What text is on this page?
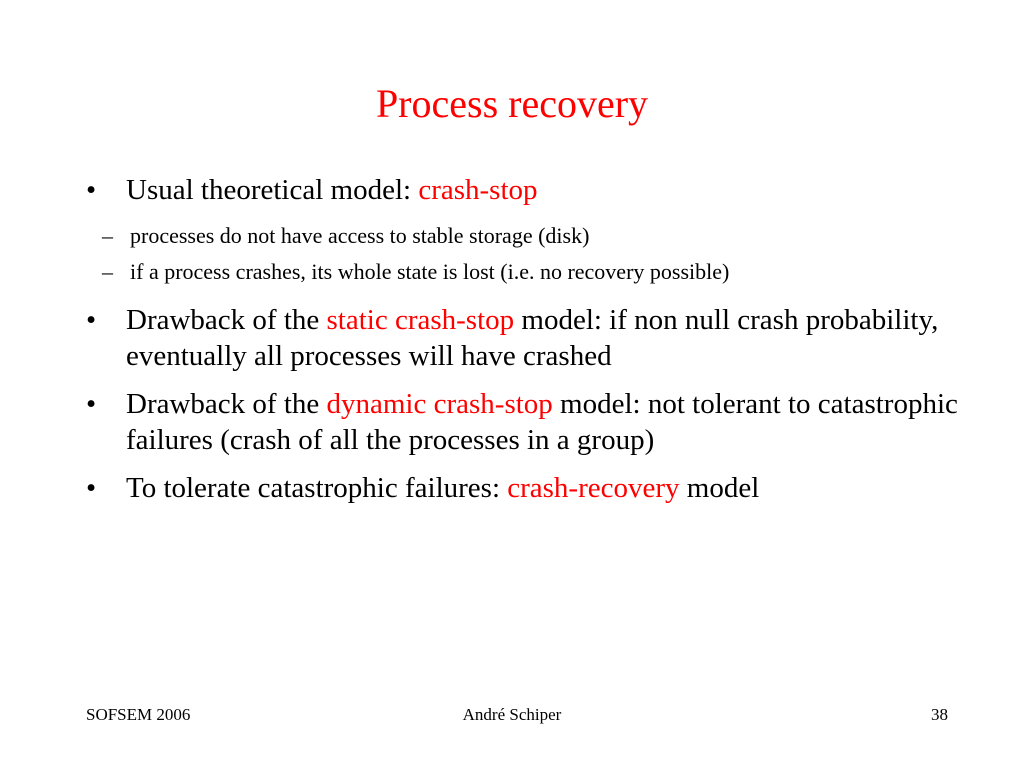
Process recovery
•	Usual theoretical model: crash-stop
– processes do not have access to stable storage (disk)
– if a process crashes, its whole state is lost (i.e. no recovery possible)
•	Drawback of the static crash-stop model: if non null crash probability, eventually all processes will have crashed
•	Drawback of the dynamic crash-stop model: not tolerant to catastrophic failures (crash of all the processes in a group)
•	To tolerate catastrophic failures: crash-recovery model
SOFSEM 2006	André Schiper	38
